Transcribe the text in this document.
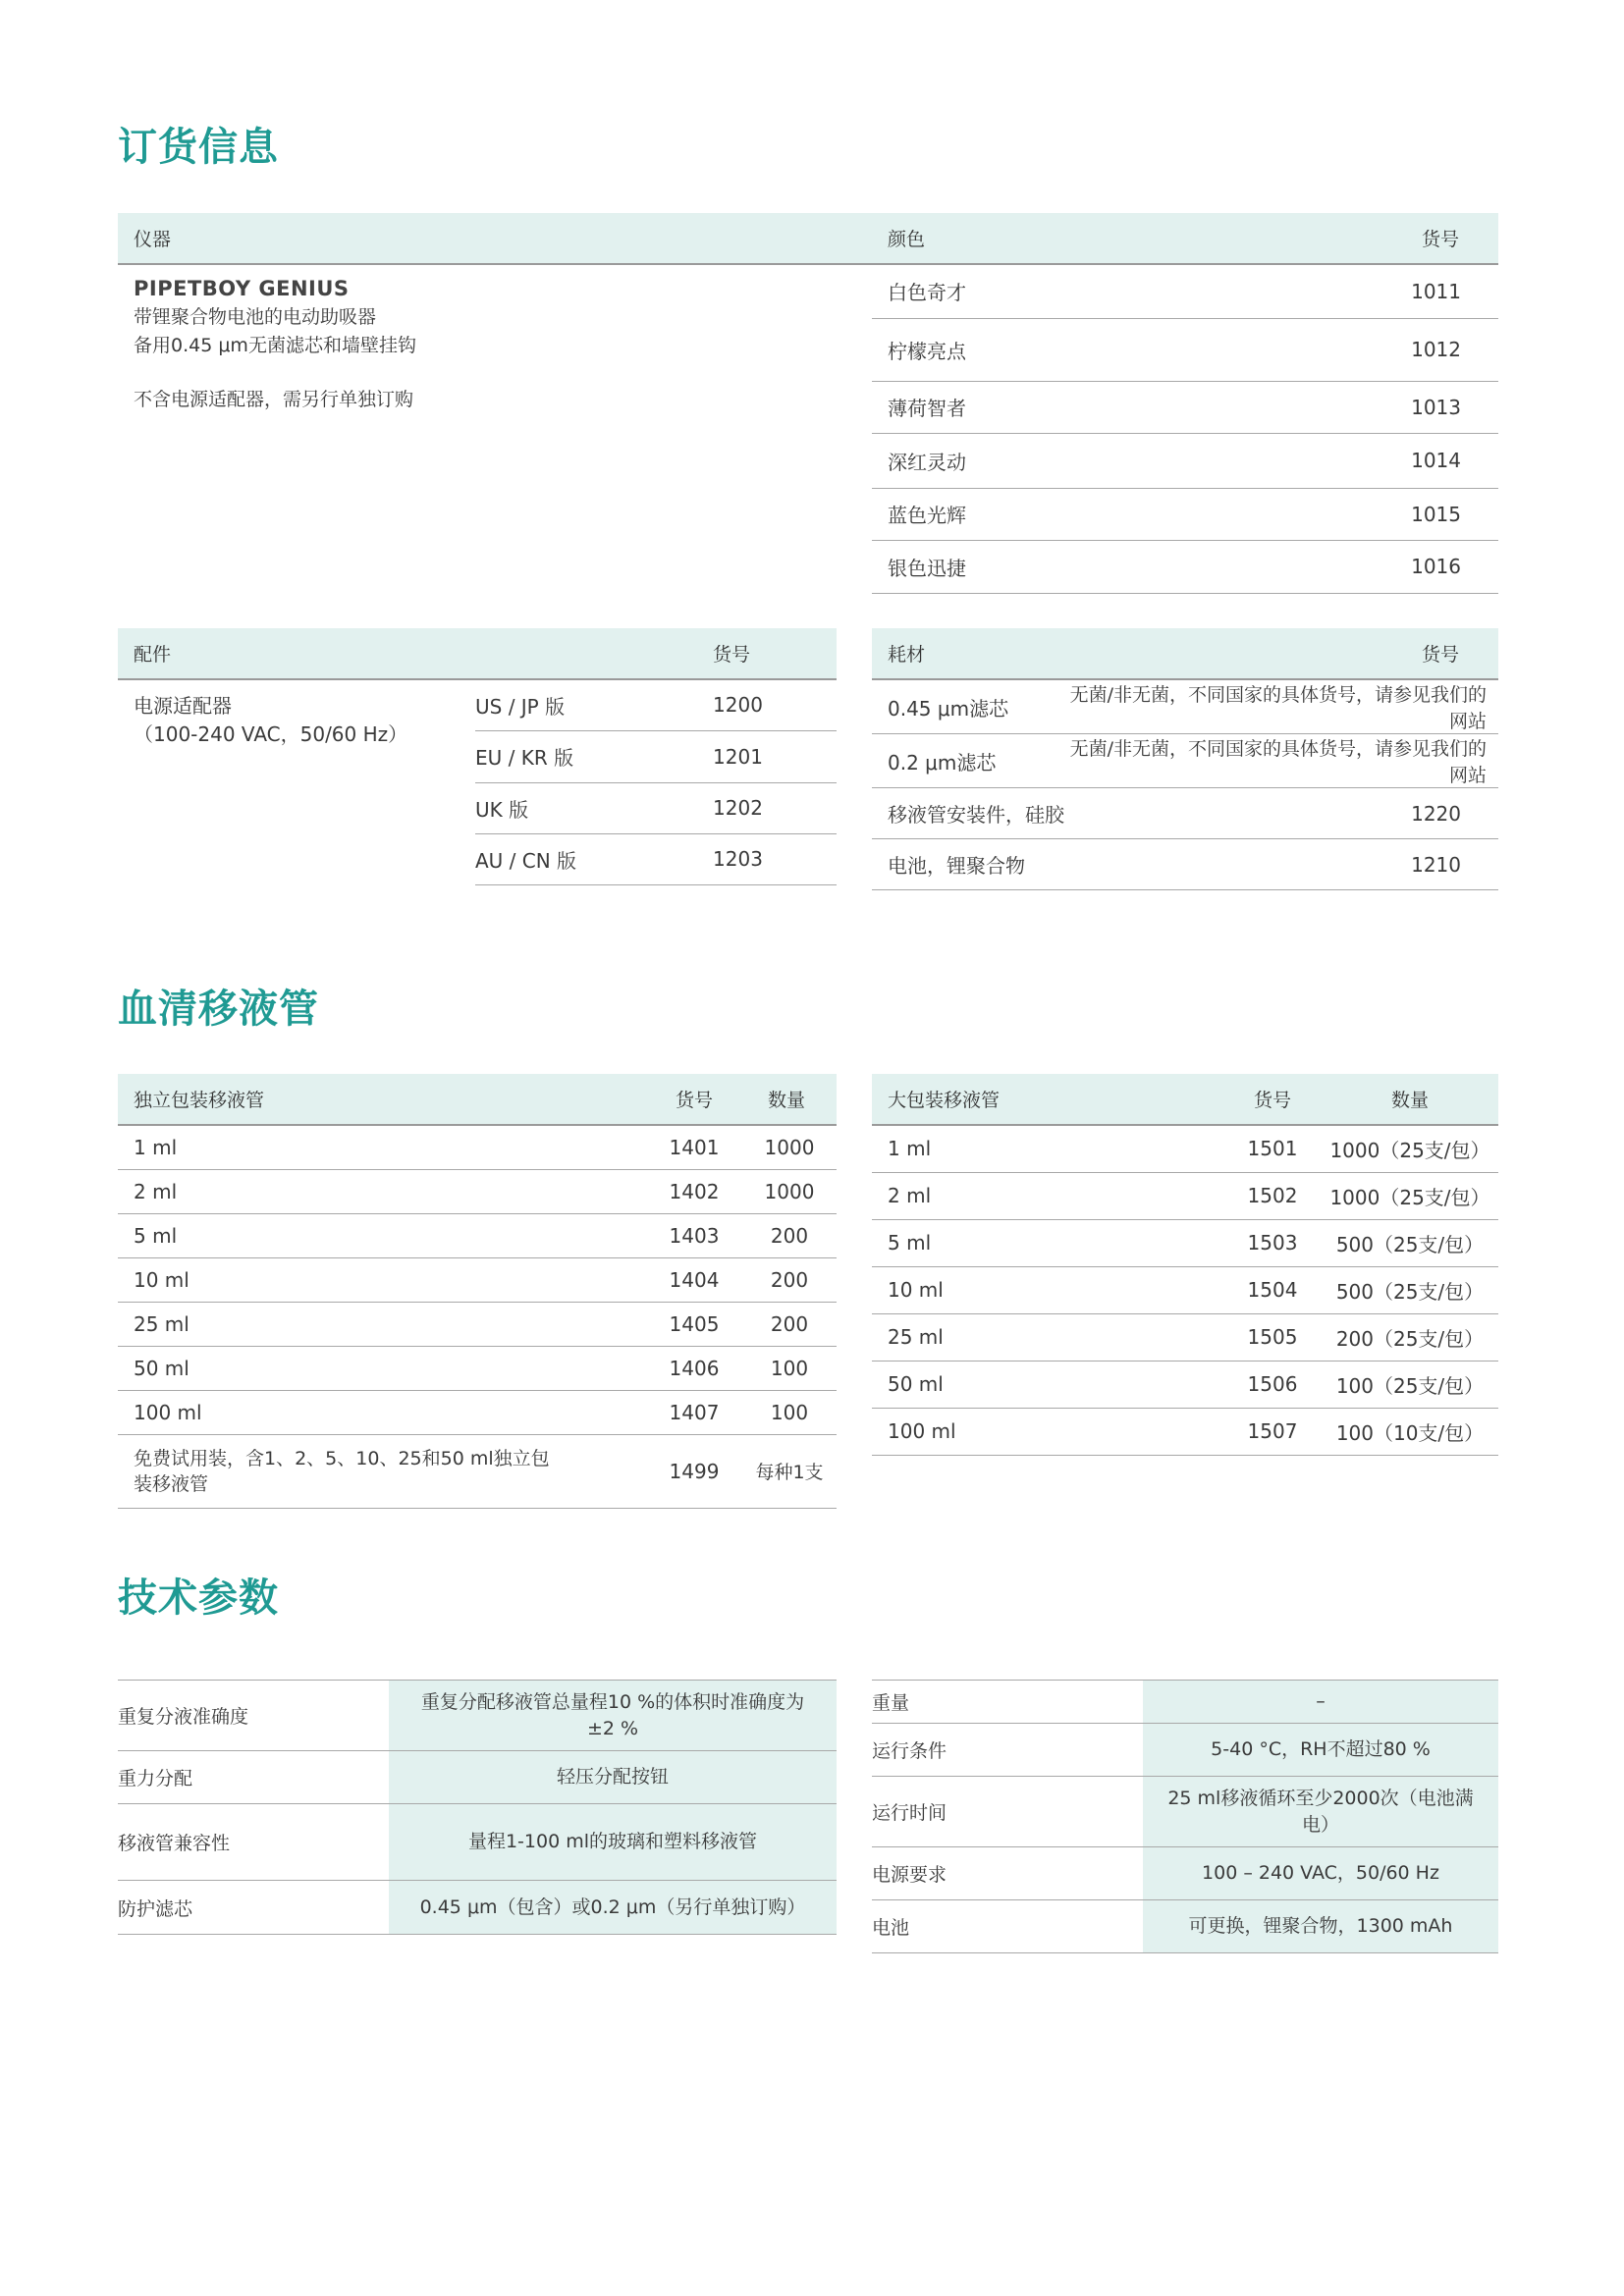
订货信息
仪器	颜色	货号
PIPETBOY GENIUS
带锂聚合物电池的电动助吸器
备用0.45 μm无菌滤芯和墙壁挂钩
不含电源适配器，需另行单独订购
白色奇才	1011
柠檬亮点	1012
薄荷智者	1013
深红灵动	1014
蓝色光辉	1015
银色迅捷	1016
配件		货号

电源适配器
（100-240 VAC，50/60 Hz）	US / JP 版	1200
	EU / KR 版	1201
	UK 版	1202
	AU / CN 版	1203
耗材	货号
0.45 μm滤芯	无菌/非无菌，不同国家的具体货号，请参见我们的网站
0.2 μm滤芯	无菌/非无菌，不同国家的具体货号，请参见我们的网站
移液管安装件，硅胶	1220
电池，锂聚合物	1210
血清移液管
独立包装移液管	货号	数量
1 ml	1401	1000
2 ml	1402	1000
5 ml	1403	200
10 ml	1404	200
25 ml	1405	200
50 ml	1406	100
100 ml	1407	100

免费试用装，含1、2、5、10、25和50 ml独立包
装移液管	1499	每种1支
大包装移液管	货号	数量
1 ml	1501	1000（25支/包）
2 ml	1502	1000（25支/包）
5 ml	1503	500（25支/包）
10 ml	1504	500（25支/包）
25 ml	1505	200（25支/包）
50 ml	1506	100（25支/包）
100 ml	1507	100（10支/包）
技术参数
重复分液准确度	重复分配移液管总量程10 %的体积时准确度为±2 %
重力分配	轻压分配按钮
移液管兼容性	量程1-100 ml的玻璃和塑料移液管
防护滤芯	0.45 μm（包含）或0.2 μm（另行单独订购）
重量	–
运行条件	5-40 °C，RH不超过80 %
运行时间	25 ml移液循环至少2000次（电池满电）
电源要求	100 – 240 VAC，50/60 Hz
电池	可更换，锂聚合物，1300 mAh
